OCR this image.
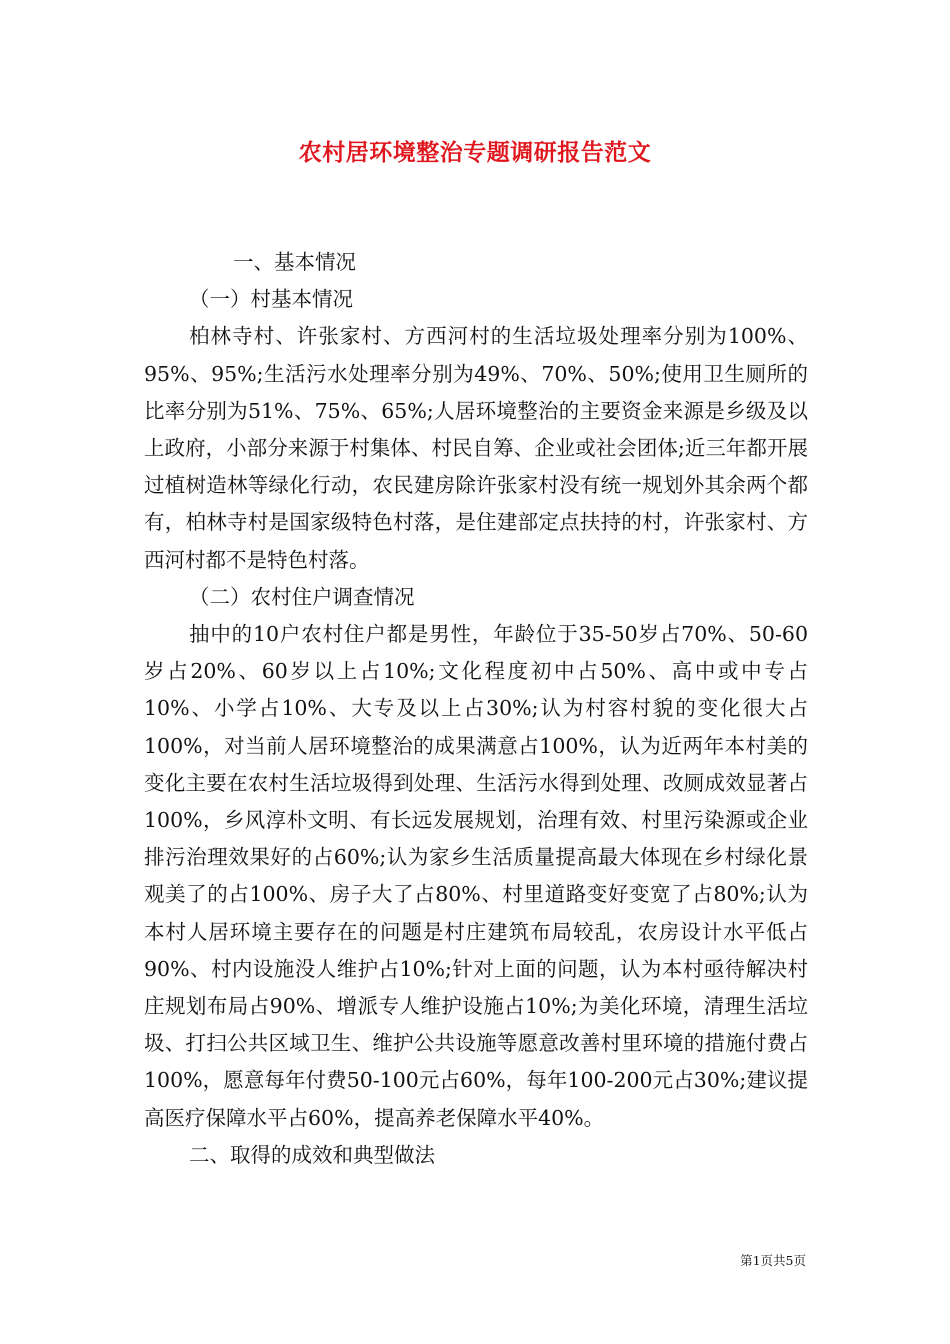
农村居环境整治专题调研报告范文

一、基本情况

（一）村基本情况

柏林寺村、许张家村、方西河村的生活垃圾处理率分别为100%、95%、95%;生活污水处理率分别为49%、70%、50%;使用卫生厕所的比率分别为51%、75%、65%;人居环境整治的主要资金来源是乡级及以上政府，小部分来源于村集体、村民自筹、企业或社会团体;近三年都开展过植树造林等绿化行动，农民建房除许张家村没有统一规划外其余两个都有，柏林寺村是国家级特色村落，是住建部定点扶持的村，许张家村、方西河村都不是特色村落。

（二）农村住户调查情况

抽中的10户农村住户都是男性，年龄位于35-50岁占70%、50-60岁占20%、60岁以上占10%;文化程度初中占50%、高中或中专占10%、小学占10%、大专及以上占30%;认为村容村貌的变化很大占100%，对当前人居环境整治的成果满意占100%，认为近两年本村美的变化主要在农村生活垃圾得到处理、生活污水得到处理、改厕成效显著占100%，乡风淳朴文明、有长远发展规划，治理有效、村里污染源或企业排污治理效果好的占60%;认为家乡生活质量提高最大体现在乡村绿化景观美了的占100%、房子大了占80%、村里道路变好变宽了占80%;认为本村人居环境主要存在的问题是村庄建筑布局较乱，农房设计水平低占90%、村内设施没人维护占10%;针对上面的问题，认为本村亟待解决村庄规划布局占90%、增派专人维护设施占10%;为美化环境，清理生活垃圾、打扫公共区域卫生、维护公共设施等愿意改善村里环境的措施付费占100%，愿意每年付费50-100元占60%，每年100-200元占30%;建议提高医疗保障水平占60%，提高养老保障水平40%。

二、取得的成效和典型做法

第1页共5页
